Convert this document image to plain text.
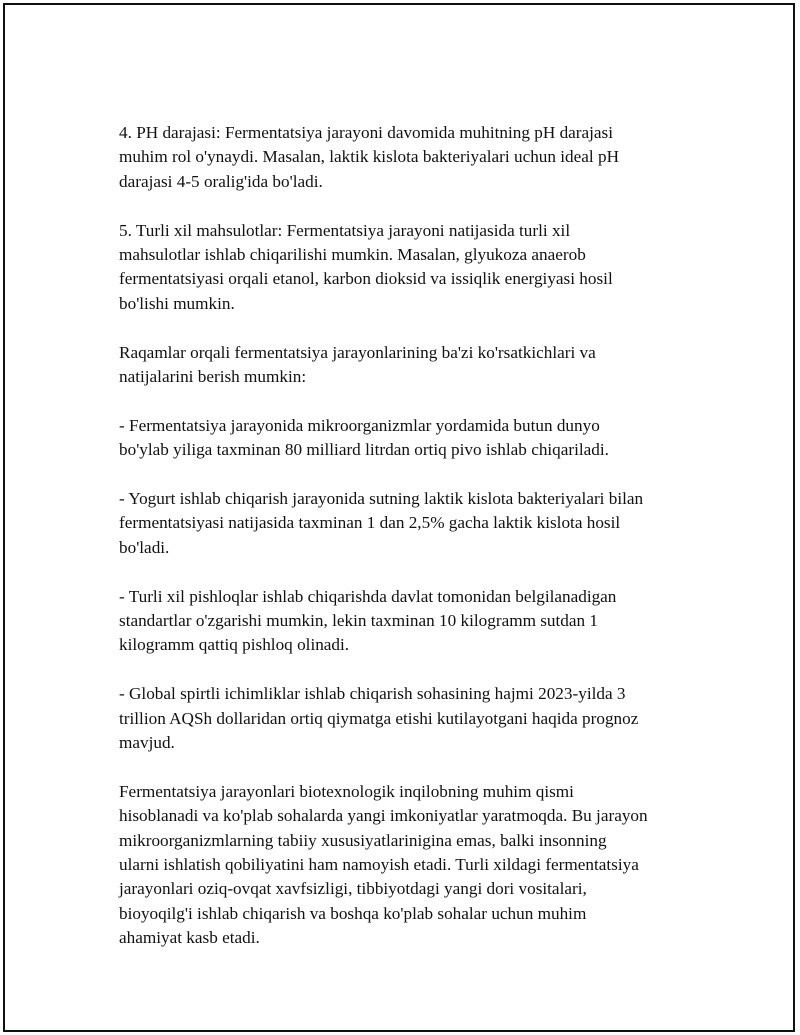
4. PH darajasi: Fermentatsiya jarayoni davomida muhitning pH darajasi
muhim rol o'ynaydi. Masalan, laktik kislota bakteriyalari uchun ideal pH
darajasi 4-5 oralig'ida bo'ladi.

5. Turli xil mahsulotlar: Fermentatsiya jarayoni natijasida turli xil
mahsulotlar ishlab chiqarilishi mumkin. Masalan, glyukoza anaerob
fermentatsiyasi orqali etanol, karbon dioksid va issiqlik energiyasi hosil
bo'lishi mumkin.

Raqamlar orqali fermentatsiya jarayonlarining ba'zi ko'rsatkichlari va
natijalarini berish mumkin:

- Fermentatsiya jarayonida mikroorganizmlar yordamida butun dunyo
bo'ylab yiliga taxminan 80 milliard litrdan ortiq pivo ishlab chiqariladi.

- Yogurt ishlab chiqarish jarayonida sutning laktik kislota bakteriyalari bilan
fermentatsiyasi natijasida taxminan 1 dan 2,5% gacha laktik kislota hosil
bo'ladi.

- Turli xil pishloqlar ishlab chiqarishda davlat tomonidan belgilanadigan
standartlar o'zgarishi mumkin, lekin taxminan 10 kilogramm sutdan 1
kilogramm qattiq pishloq olinadi.

- Global spirtli ichimliklar ishlab chiqarish sohasining hajmi 2023-yilda 3
trillion AQSh dollaridan ortiq qiymatga etishi kutilayotgani haqida prognoz
mavjud.

Fermentatsiya jarayonlari biotexnologik inqilobning muhim qismi
hisoblanadi va ko'plab sohalarda yangi imkoniyatlar yaratmoqda. Bu jarayon
mikroorganizmlarning tabiiy xususiyatlarinigina emas, balki insonning
ularni ishlatish qobiliyatini ham namoyish etadi. Turli xildagi fermentatsiya
jarayonlari oziq-ovqat xavfsizligi, tibbiyotdagi yangi dori vositalari,
bioyoqilg'i ishlab chiqarish va boshqa ko'plab sohalar uchun muhim
ahamiyat kasb etadi.
